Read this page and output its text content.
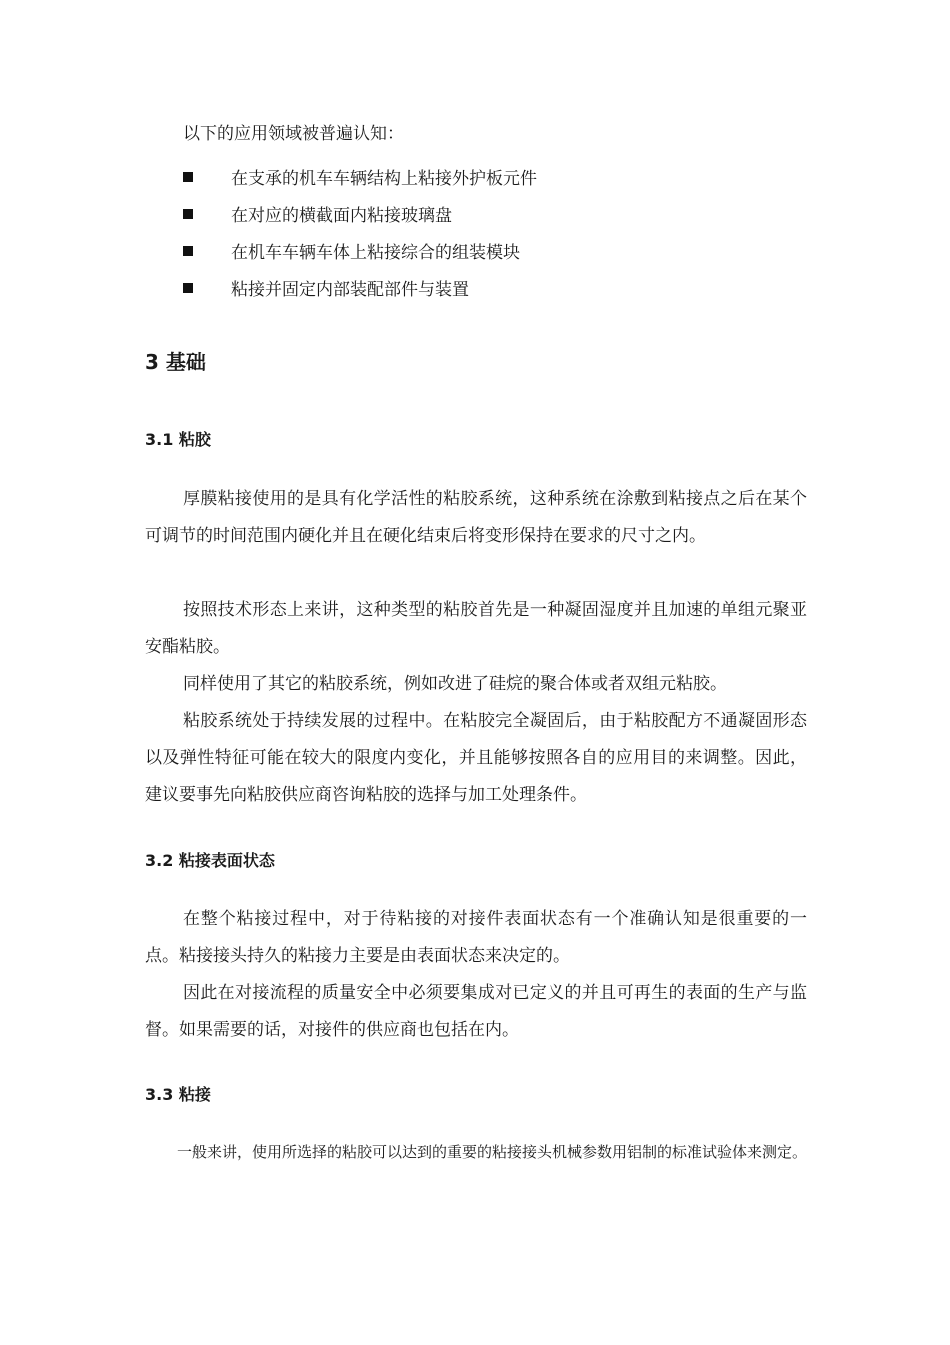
以下的应用领域被普遍认知：

在支承的机车车辆结构上粘接外护板元件
在对应的横截面内粘接玻璃盘
在机车车辆车体上粘接综合的组装模块
粘接并固定内部装配部件与装置
3 基础
3.1 粘胶

厚膜粘接使用的是具有化学活性的粘胶系统，这种系统在涂敷到粘接点之后在某个可调节的时间范围内硬化并且在硬化结束后将变形保持在要求的尺寸之内。

按照技术形态上来讲，这种类型的粘胶首先是一种凝固湿度并且加速的单组元聚亚安酯粘胶。

同样使用了其它的粘胶系统，例如改进了硅烷的聚合体或者双组元粘胶。

粘胶系统处于持续发展的过程中。在粘胶完全凝固后，由于粘胶配方不通凝固形态以及弹性特征可能在较大的限度内变化，并且能够按照各自的应用目的来调整。因此，建议要事先向粘胶供应商咨询粘胶的选择与加工处理条件。

3.2 粘接表面状态

在整个粘接过程中，对于待粘接的对接件表面状态有一个准确认知是很重要的一点。粘接接头持久的粘接力主要是由表面状态来决定的。

因此在对接流程的质量安全中必须要集成对已定义的并且可再生的表面的生产与监督。如果需要的话，对接件的供应商也包括在内。

3.3 粘接

一般来讲，使用所选择的粘胶可以达到的重要的粘接接头机械参数用铝制的标准试验体来测定。
